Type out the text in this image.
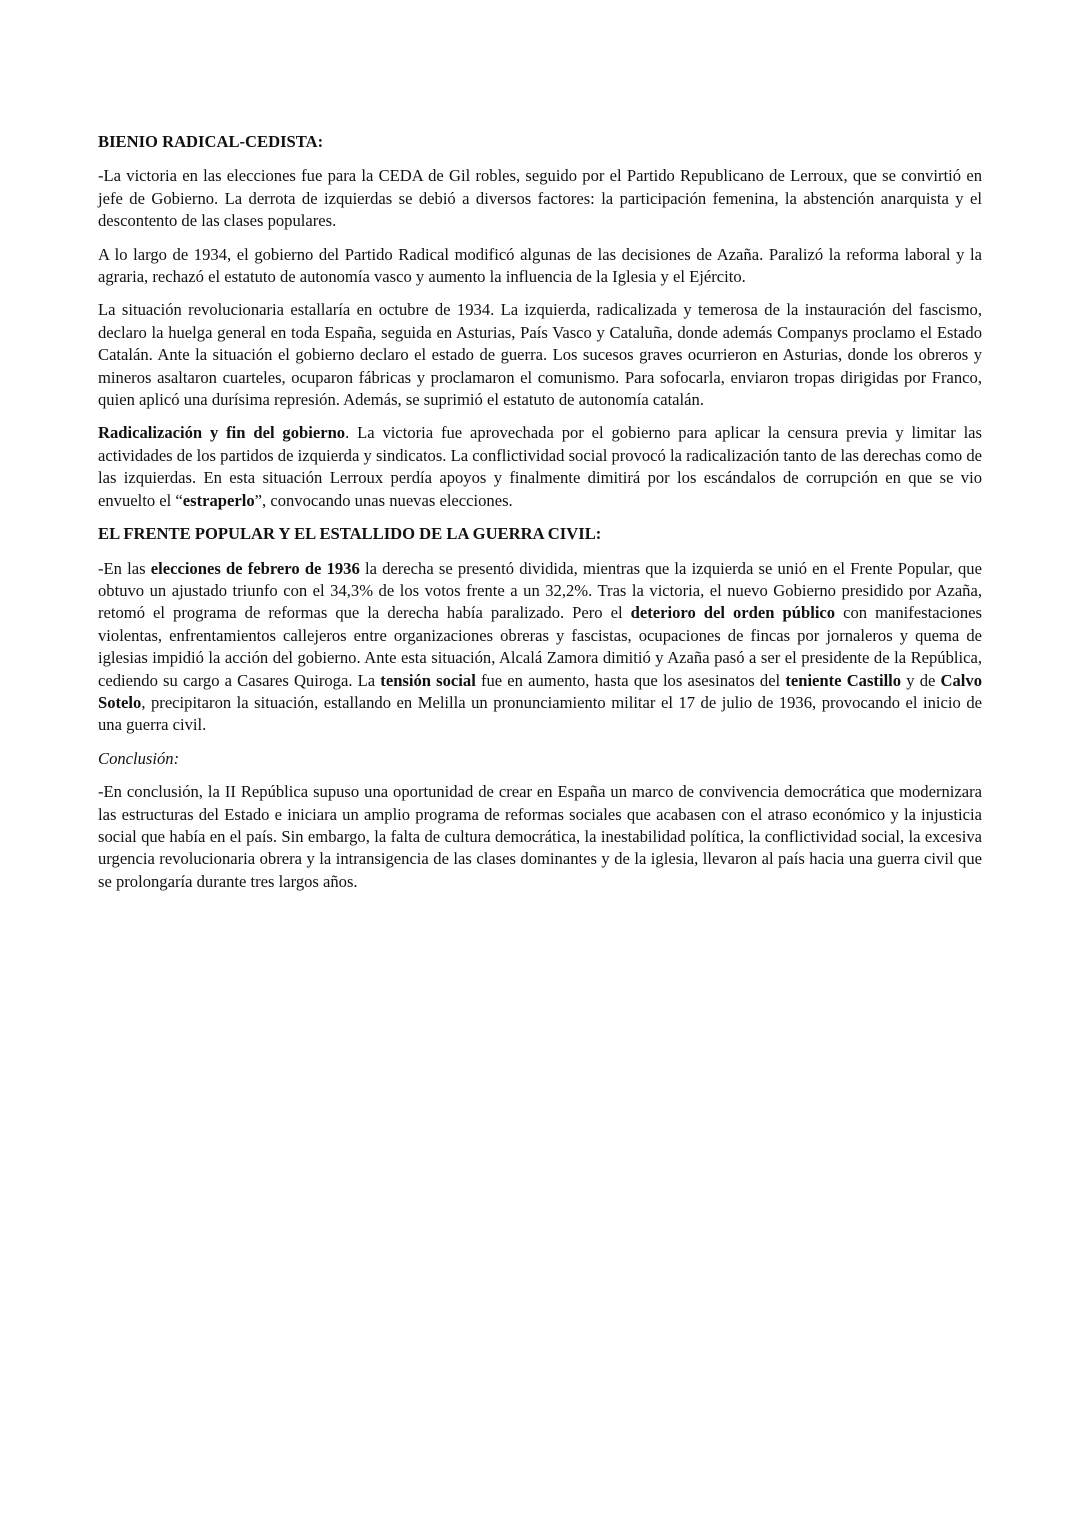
BIENIO RADICAL-CEDISTA:

-La victoria en las elecciones fue para la CEDA de Gil robles, seguido por el Partido Republicano de Lerroux, que se convirtió en jefe de Gobierno. La derrota de izquierdas se debió a diversos factores: la participación femenina, la abstención anarquista y el descontento de las clases populares.

A lo largo de 1934, el gobierno del Partido Radical modificó algunas de las decisiones de Azaña. Paralizó la reforma laboral y la agraria, rechazó el estatuto de autonomía vasco y aumento la influencia de la Iglesia y el Ejército.

La situación revolucionaria estallaría en octubre de 1934. La izquierda, radicalizada y temerosa de la instauración del fascismo, declaro la huelga general en toda España, seguida en Asturias, País Vasco y Cataluña, donde además Companys proclamo el Estado Catalán. Ante la situación el gobierno declaro el estado de guerra. Los sucesos graves ocurrieron en Asturias, donde los obreros y mineros asaltaron cuarteles, ocuparon fábricas y proclamaron el comunismo. Para sofocarla, enviaron tropas dirigidas por Franco, quien aplicó una durísima represión. Además, se suprimió el estatuto de autonomía catalán.

Radicalización y fin del gobierno. La victoria fue aprovechada por el gobierno para aplicar la censura previa y limitar las actividades de los partidos de izquierda y sindicatos. La conflictividad social provocó la radicalización tanto de las derechas como de las izquierdas. En esta situación Lerroux perdía apoyos y finalmente dimitirá por los escándalos de corrupción en que se vio envuelto el “estraperlo”, convocando unas nuevas elecciones.

EL FRENTE POPULAR Y EL ESTALLIDO DE LA GUERRA CIVIL:

-En las elecciones de febrero de 1936 la derecha se presentó dividida, mientras que la izquierda se unió en el Frente Popular, que obtuvo un ajustado triunfo con el 34,3% de los votos frente a un 32,2%. Tras la victoria, el nuevo Gobierno presidido por Azaña, retomó el programa de reformas que la derecha había paralizado. Pero el deterioro del orden público con manifestaciones violentas, enfrentamientos callejeros entre organizaciones obreras y fascistas, ocupaciones de fincas por jornaleros y quema de iglesias impidió la acción del gobierno. Ante esta situación, Alcalá Zamora dimitió y Azaña pasó a ser el presidente de la República, cediendo su cargo a Casares Quiroga. La tensión social fue en aumento, hasta que los asesinatos del teniente Castillo y de Calvo Sotelo, precipitaron la situación, estallando en Melilla un pronunciamiento militar el 17 de julio de 1936, provocando el inicio de una guerra civil.

Conclusión:

-En conclusión, la II República supuso una oportunidad de crear en España un marco de convivencia democrática que modernizara las estructuras del Estado e iniciara un amplio programa de reformas sociales que acabasen con el atraso económico y la injusticia social que había en el país. Sin embargo, la falta de cultura democrática, la inestabilidad política, la conflictividad social, la excesiva urgencia revolucionaria obrera y la intransigencia de las clases dominantes y de la iglesia, llevaron al país hacia una guerra civil que se prolongaría durante tres largos años.
